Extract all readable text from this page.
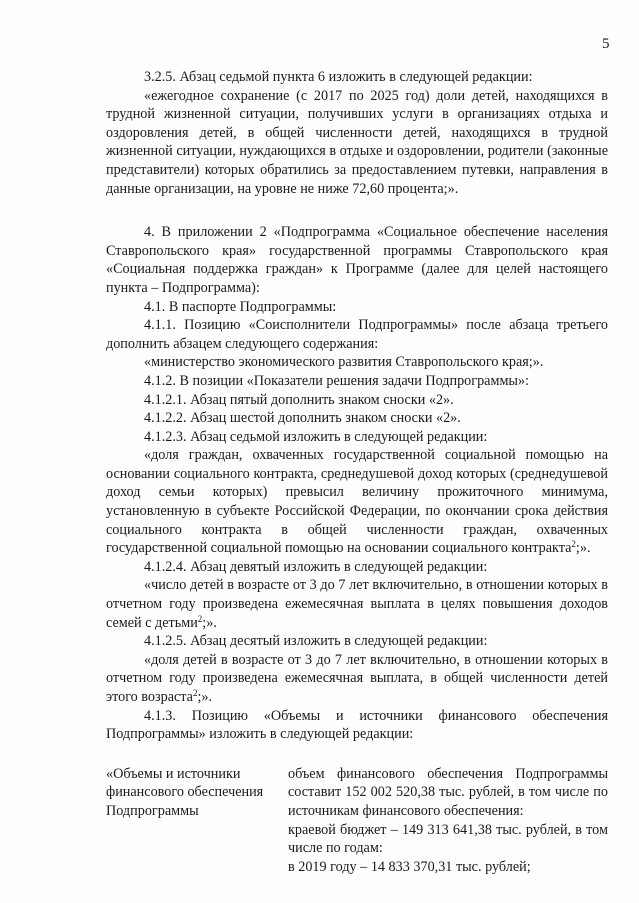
5

3.2.5. Абзац седьмой пункта 6 изложить в следующей редакции:

«ежегодное сохранение (с 2017 по 2025 год) доли детей, находящихся в трудной жизненной ситуации, получивших услуги в организациях отдыха и оздоровления детей, в общей численности детей, находящихся в трудной жизненной ситуации, нуждающихся в отдыхе и оздоровлении, родители (законные представители) которых обратились за предоставлением путевки, направления в данные организации, на уровне не ниже 72,60 процента;».

4. В приложении 2 «Подпрограмма «Социальное обеспечение населения Ставропольского края» государственной программы Ставропольского края «Социальная поддержка граждан» к Программе (далее для целей настоящего пункта – Подпрограмма):

4.1. В паспорте Подпрограммы:

4.1.1. Позицию «Соисполнители Подпрограммы» после абзаца третьего дополнить абзацем следующего содержания:

«министерство экономического развития Ставропольского края;».

4.1.2. В позиции «Показатели решения задачи Подпрограммы»:

4.1.2.1. Абзац пятый дополнить знаком сноски «2».

4.1.2.2. Абзац шестой дополнить знаком сноски «2».

4.1.2.3. Абзац седьмой изложить в следующей редакции:

«доля граждан, охваченных государственной социальной помощью на основании социального контракта, среднедушевой доход которых (среднедушевой доход семьи которых) превысил величину прожиточного минимума, установленную в субъекте Российской Федерации, по окончании срока действия социального контракта в общей численности граждан, охваченных государственной социальной помощью на основании социального контракта$^2$;».

4.1.2.4. Абзац девятый изложить в следующей редакции:

«число детей в возрасте от 3 до 7 лет включительно, в отношении которых в отчетном году произведена ежемесячная выплата в целях повышения доходов семей с детьми$^2$;».

4.1.2.5. Абзац десятый изложить в следующей редакции:

«доля детей в возрасте от 3 до 7 лет включительно, в отношении которых в отчетном году произведена ежемесячная выплата, в общей численности детей этого возраста$^2$;».

4.1.3. Позицию «Объемы и источники финансового обеспечения Подпрограммы» изложить в следующей редакции:

«Объемы и источники финансового обеспечения Подпрограммы
объем финансового обеспечения Подпрограммы составит 152 002 520,38 тыс. рублей, в том числе по источникам финансового обеспечения:
краевой бюджет – 149 313 641,38 тыс. рублей, в том числе по годам:
в 2019 году – 14 833 370,31 тыс. рублей;
